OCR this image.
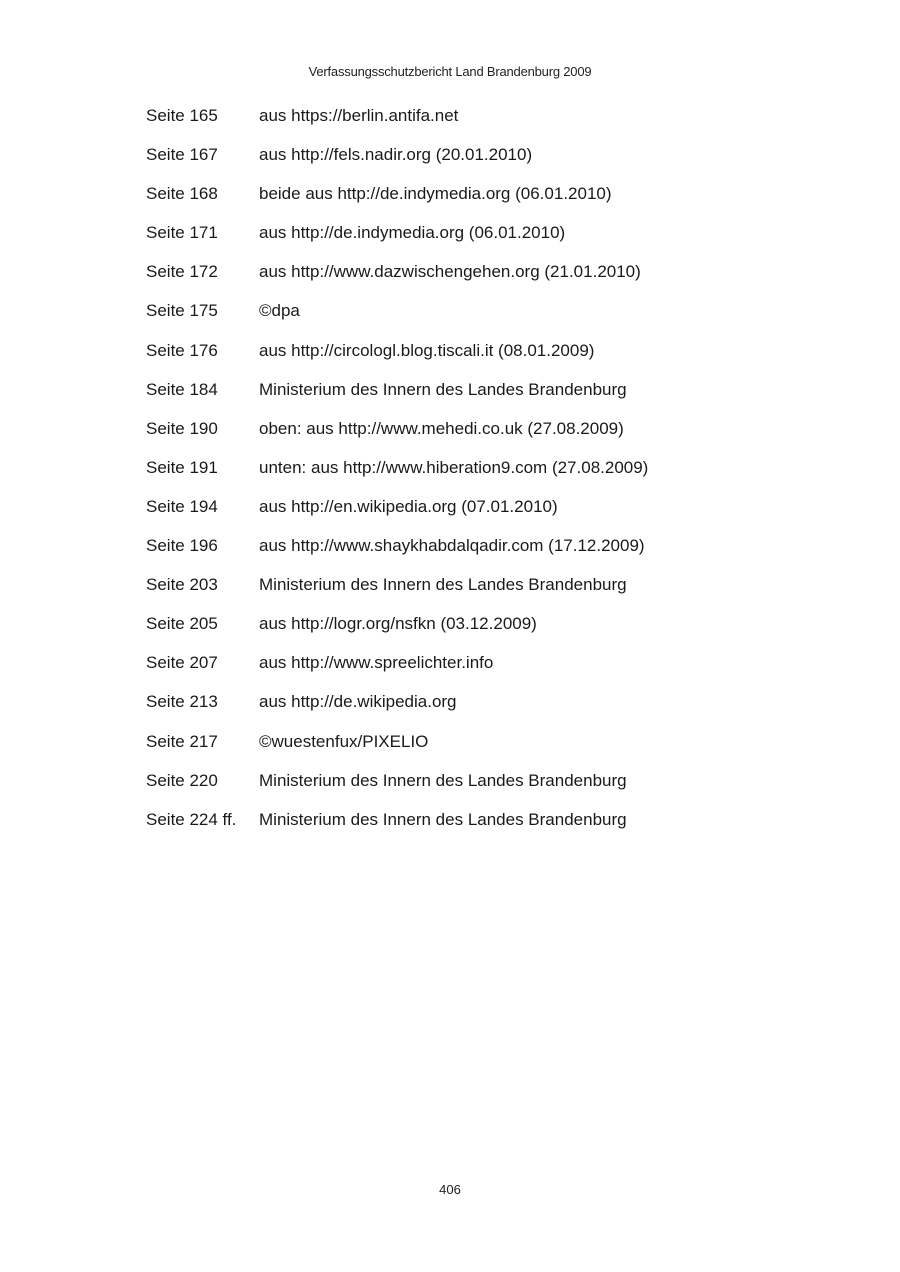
Verfassungsschutzbericht Land Brandenburg 2009
Seite 165	aus https://berlin.antifa.net
Seite 167	aus http://fels.nadir.org (20.01.2010)
Seite 168	beide aus http://de.indymedia.org (06.01.2010)
Seite 171	aus http://de.indymedia.org (06.01.2010)
Seite 172	aus http://www.dazwischengehen.org (21.01.2010)
Seite 175	©dpa
Seite 176	aus http://circologl.blog.tiscali.it (08.01.2009)
Seite 184	Ministerium des Innern des Landes Brandenburg
Seite 190	oben: aus http://www.mehedi.co.uk (27.08.2009)
Seite 191	unten: aus http://www.hiberation9.com (27.08.2009)
Seite 194	aus http://en.wikipedia.org (07.01.2010)
Seite 196	aus http://www.shaykhabdalqadir.com (17.12.2009)
Seite 203	Ministerium des Innern des Landes Brandenburg
Seite 205	aus http://logr.org/nsfkn (03.12.2009)
Seite 207	aus http://www.spreelichter.info
Seite 213	aus http://de.wikipedia.org
Seite 217	©wuestenfux/PIXELIO
Seite 220	Ministerium des Innern des Landes Brandenburg
Seite 224 ff.	Ministerium des Innern des Landes Brandenburg
406
